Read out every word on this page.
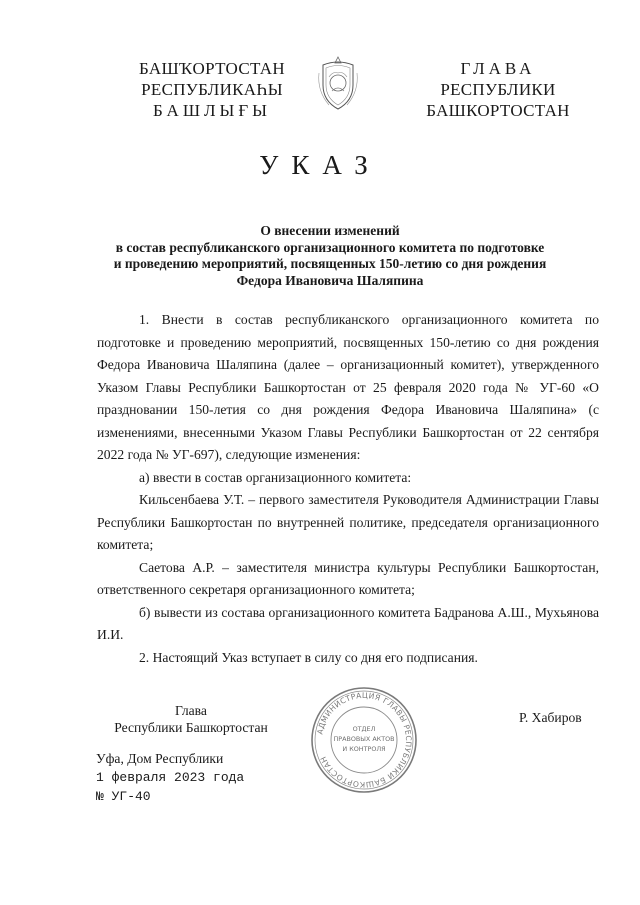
БАШҠОРТОСТАН
РЕСПУБЛИКАҺЫ
БАШЛЫҒЫ
ГЛАВА
РЕСПУБЛИКИ
БАШКОРТОСТАН
УКАЗ
О внесении изменений
в состав республиканского организационного комитета по подготовке
и проведению мероприятий, посвященных 150-летию со дня рождения
Федора Ивановича Шаляпина

1. Внести в состав республиканского организационного комитета по подготовке и проведению мероприятий, посвященных 150-летию со дня рождения Федора Ивановича Шаляпина (далее – организационный комитет), утвержденного Указом Главы Республики Башкортостан от 25 февраля 2020 года № УГ-60 «О праздновании 150-летия со дня рождения Федора Ивановича Шаляпина» (с изменениями, внесенными Указом Главы Республики Башкортостан от 22 сентября 2022 года № УГ-697), следующие изменения:

а) ввести в состав организационного комитета:

Кильсенбаева У.Т. – первого заместителя Руководителя Администрации Главы Республики Башкортостан по внутренней политике, председателя организационного комитета;

Саетова А.Р. – заместителя министра культуры Республики Башкортостан, ответственного секретаря организационного комитета;

б) вывести из состава организационного комитета Бадранова А.Ш., Мухьянова И.И.

2. Настоящий Указ вступает в силу со дня его подписания.

Глава
Республики Башкортостан	АДМИНИСТРАЦИЯ ГЛАВЫ РЕСПУБЛИКИ БАШКОРТОСТАН
ОТДЕЛ
ПРАВОВЫХ АКТОВ
И КОНТРОЛЯ
Р. Хабиров
Уфа, Дом Республики
1 февраля 2023 года
№ УГ-40
